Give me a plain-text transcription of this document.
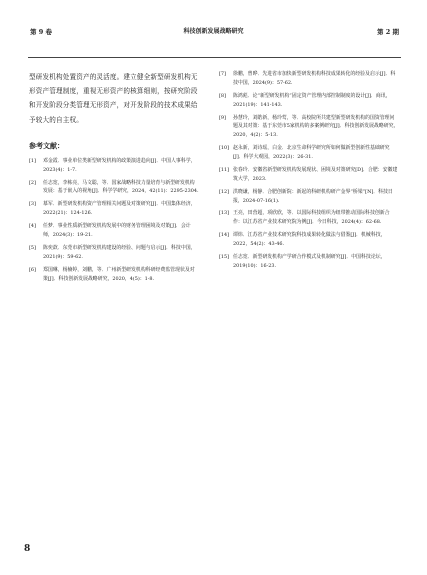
第 9 卷	科技创新发展战略研究	第 2 期

型研发机构处置资产的灵活度。建立健全新型研发机构无形资产管理制度，重视无形资产的核算细则，按研究阶段和开发阶段分类管理无形资产，对开发阶段的技术成果给予较大的自主权。

参考文献：
[1] 邓金霞．事业单位类新型研发机构的政策演进趋向[J]．中国人事科学，2023(4)：1-7.
[2] 任志宽，李栋亮，马文聪，等．国家战略科技力量培育与新型研发机构发展：基于嵌入的视角[J]．科学学研究，2024，42(11)：2295-2304.
[3] 慕军．新型研发机构资产管理相关问题及对策研究[J]．中国集体经济，2022(21)：124-126.
[4] 任梦．事业性质新型研发机构发展中的财务管理困境及对策[J]．会计师，2024(3)：19-21.
[5] 陈奕歆．东莞市新型研发机构建设的经验、问题与启示[J]．科技中国，2021(9)：59-62.
[6] 郑国琳，杨楠婷，刘鹏，等．广州新型研发机构科研经费监管现状及对策[J]．科技创新发展战略研究，2020，4(5)：1-8.
[7] 徐鹏，曾晔．先进省市加快新型研发机构科技成果转化的经验及启示[J]．科技中国，2024(9)：57-62.
[8] 陈鸿彪．论“新型研发机构”固定资产管理内部控制制度的设计[J]．商讯，2021(19)：141-143.
[9] 孙慧玲，刘皓新，杨玲莺，等．高校院所共建型新型研发机构的国资管理问题及其对策：基于东莞市5家机构的多案例研究[J]．科技创新发展战略研究，2020，4(2)：5-13.
[10] 赵永新，刘诗瑶，白金．北京生命科学研究所如何做新型创新性基础研究[J]．科学大观园，2022(3)：26-31.
[11] 张春玲．安徽省新型研发机构发展现状、困境及对策研究[D]．合肥：安徽建筑大学，2023.
[12] 洪晓谦，杨静．合肥创新院：新起的科研机构研产金界“桥梁”[N]．科技日报，2024-07-16(1).
[13] 王亮，田营超，项欣欣，等．以国际科技组织为纽带推动国际科技创新合作：以江苏省产业技术研究院为例[J]．今日科技，2024(4)：62-68.
[14] 谭炜．江苏省产业技术研究院科技成果转化做法与借鉴[J]．机械科技，2022，54(2)：43-46.
[15] 任志宽．新型研发机构产学研合作模式及机制研究[J]．中国科技论坛，2019(10)：16-23.
8
